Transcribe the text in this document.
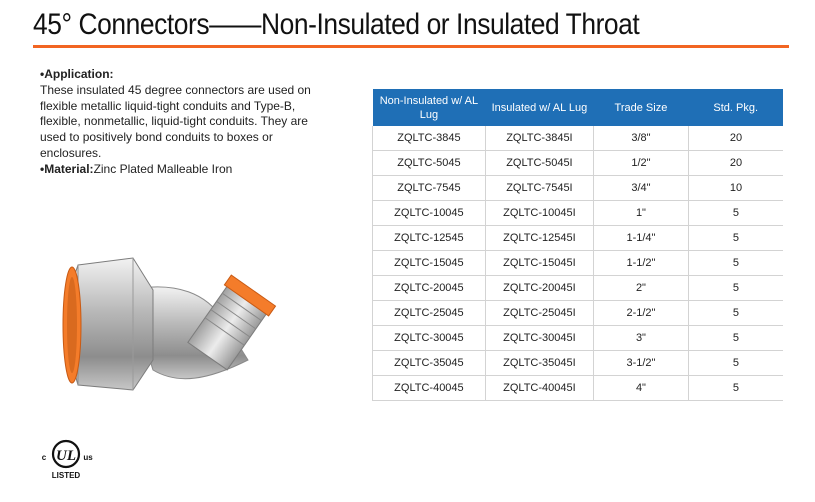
45° Connectors——Non-Insulated or Insulated Throat
•Application:
These insulated 45 degree connectors are used on flexible metallic liquid-tight conduits and Type-B, flexible, nonmetallic, liquid-tight conduits. They are used to positively bond conduits to boxes or enclosures.
•Material:Zinc Plated Malleable Iron
Non-Insulated w/ AL Lug	Insulated w/ AL Lug	Trade Size	Std. Pkg.
ZQLTC-3845	ZQLTC-3845I	3/8"	20
ZQLTC-5045	ZQLTC-5045I	1/2"	20
ZQLTC-7545	ZQLTC-7545I	3/4"	10
ZQLTC-10045	ZQLTC-10045I	1"	5
ZQLTC-12545	ZQLTC-12545I	1-1/4"	5
ZQLTC-15045	ZQLTC-15045I	1-1/2"	5
ZQLTC-20045	ZQLTC-20045I	2"	5
ZQLTC-25045	ZQLTC-25045I	2-1/2"	5
ZQLTC-30045	ZQLTC-30045I	3"	5
ZQLTC-35045	ZQLTC-35045I	3-1/2"	5
ZQLTC-40045	ZQLTC-40045I	4"	5
UL
c	us
LISTED
